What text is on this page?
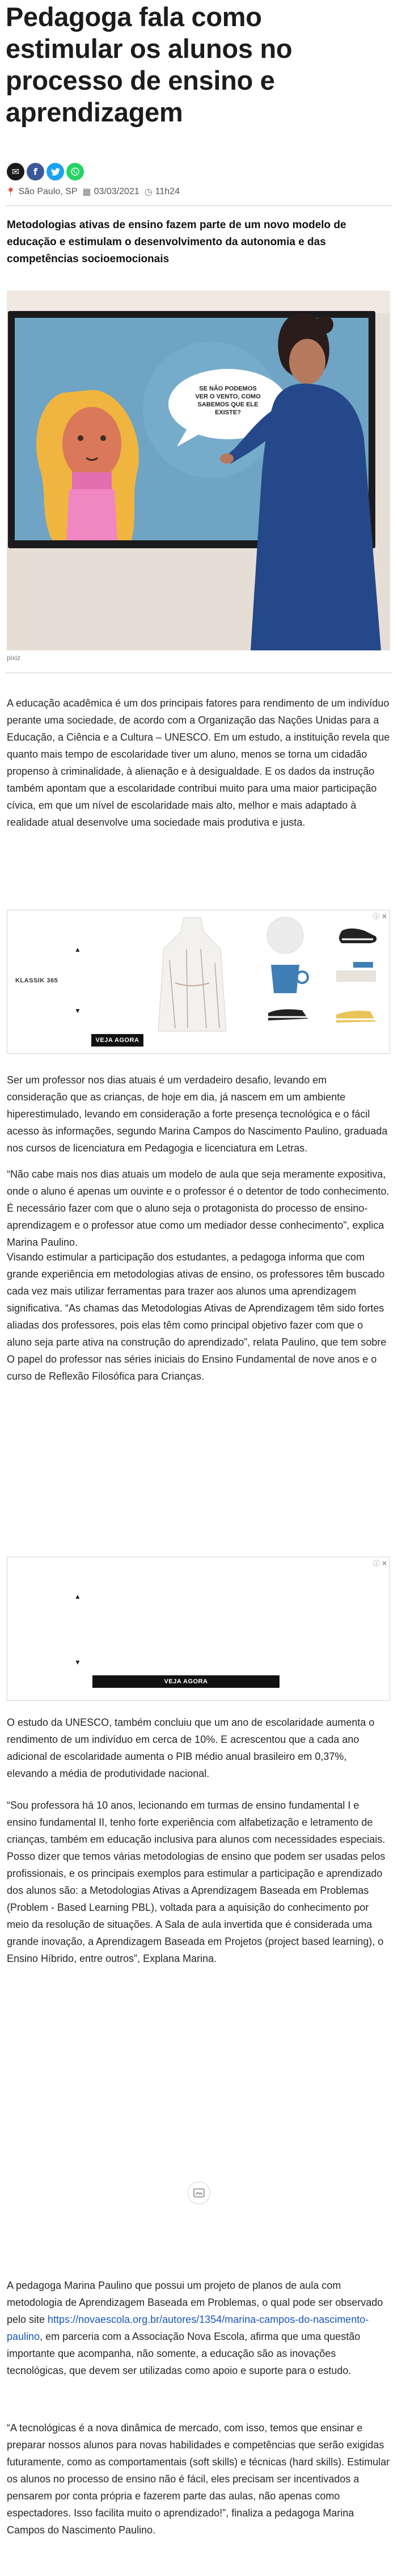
Pedagoga fala como estimular os alunos no processo de ensino e aprendizagem
✉	f
📍 São Paulo, SP ▦ 03/03/2021 ◷ 11h24

Metodologias ativas de ensino fazem parte de um novo modelo de educação e estimulam o desenvolvimento da autonomia e das competências socioemocionais

SE NÃO PODEMOS VER O VENTO, COMO SABEMOS QUE ELE EXISTE?
pixiz

A educação acadêmica é um dos principais fatores para rendimento de um indivíduo perante uma sociedade, de acordo com a Organização das Nações Unidas para a Educação, a Ciência e a Cultura – UNESCO. Em um estudo, a instituição revela que quanto mais tempo de escolaridade tiver um aluno, menos se torna um cidadão propenso à criminalidade, à alienação e à desigualdade. E os dados da instrução também apontam que a escolaridade contribui muito para uma maior participação cívica, em que um nível de escolaridade mais alto, melhor e mais adaptado à realidade atual desenvolve uma sociedade mais produtiva e justa.

ⓘ ✕
▲
KLASSIK 365
▼
VEJA AGORA

Ser um professor nos dias atuais é um verdadeiro desafio, levando em consideração que as crianças, de hoje em dia, já nascem em um ambiente hiperestimulado, levando em consideração a forte presença tecnológica e o fácil acesso às informações, segundo Marina Campos do Nascimento Paulino, graduada nos cursos de licenciatura em Pedagogia e licenciatura em Letras.

“Não cabe mais nos dias atuais um modelo de aula que seja meramente expositiva, onde o aluno é apenas um ouvinte e o professor é o detentor de todo conhecimento. É necessário fazer com que o aluno seja o protagonista do processo de ensino-aprendizagem e o professor atue como um mediador desse conhecimento”, explica Marina Paulino.

Visando estimular a participação dos estudantes, a pedagoga informa que com grande experiência em metodologias ativas de ensino, os professores têm buscado cada vez mais utilizar ferramentas para trazer aos alunos uma aprendizagem significativa. “As chamas das Metodologias Ativas de Aprendizagem têm sido fortes aliadas dos professores, pois elas têm como principal objetivo fazer com que o aluno seja parte ativa na construção do aprendizado”, relata Paulino, que tem sobre O papel do professor nas séries iniciais do Ensino Fundamental de nove anos e o curso de Reflexão Filosófica para Crianças.

ⓘ ✕
▲
▼
VEJA AGORA

O estudo da UNESCO, também concluiu que um ano de escolaridade aumenta o rendimento de um indivíduo em cerca de 10%. E acrescentou que a cada ano adicional de escolaridade aumenta o PIB médio anual brasileiro em 0,37%, elevando a média de produtividade nacional.

“Sou professora há 10 anos, lecionando em turmas de ensino fundamental I e ensino fundamental II, tenho forte experiência com alfabetização e letramento de crianças, também em educação inclusiva para alunos com necessidades especiais. Posso dizer que temos várias metodologias de ensino que podem ser usadas pelos profissionais, e os principais exemplos para estimular a participação e aprendizado dos alunos são: a Metodologias Ativas a Aprendizagem Baseada em Problemas (Problem - Based Learning PBL), voltada para a aquisição do conhecimento por meio da resolução de situações. A Sala de aula invertida que é considerada uma grande inovação, a Aprendizagem Baseada em Projetos (project based learning), o Ensino Híbrido, entre outros”, Explana Marina.

A pedagoga Marina Paulino que possui um projeto de planos de aula com metodologia de Aprendizagem Baseada em Problemas, o qual pode ser observado pelo site https://novaescola.org.br/autores/1354/marina-campos-do-nascimento-paulino, em parceria com a Associação Nova Escola, afirma que uma questão importante que acompanha, não somente, a educação são as inovações tecnológicas, que devem ser utilizadas como apoio e suporte para o estudo.

“A tecnológicas é a nova dinâmica de mercado, com isso, temos que ensinar e preparar nossos alunos para novas habilidades e competências que serão exigidas futuramente, como as comportamentais (soft skills) e técnicas (hard skills). Estimular os alunos no processo de ensino não é fácil, eles precisam ser incentivados a pensarem por conta própria e fazerem parte das aulas, não apenas como espectadores. Isso facilita muito o aprendizado!”, finaliza a pedagoga Marina Campos do Nascimento Paulino.
